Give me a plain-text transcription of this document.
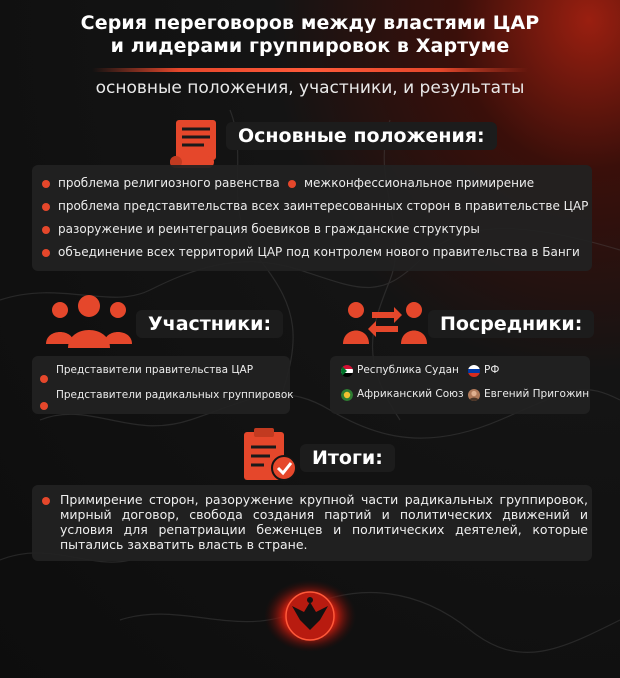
Серия переговоров между властями ЦАР
и лидерами группировок в Хартуме
основные положения, участники, и результаты
Основные положения:
проблема религиозного равенства межконфессиональное примирение
проблема представительства всех заинтересованных сторон в правительстве ЦАР
разоружение и реинтеграция боевиков в гражданские структуры
объединение всех территорий ЦАР под контролем нового правительства в Банги
Участники:
Представители правительства ЦАР
Представители радикальных группировок
Посредники:
Республика Судан РФ
Африканский Союз Евгений Пригожин
Итоги:
Примирение сторон, разоружение крупной части радикальных группировок, мирный договор, свобода создания партий и политических движений и условия для репатриации беженцев и политических деятелей, которые пытались захватить власть в стране.
